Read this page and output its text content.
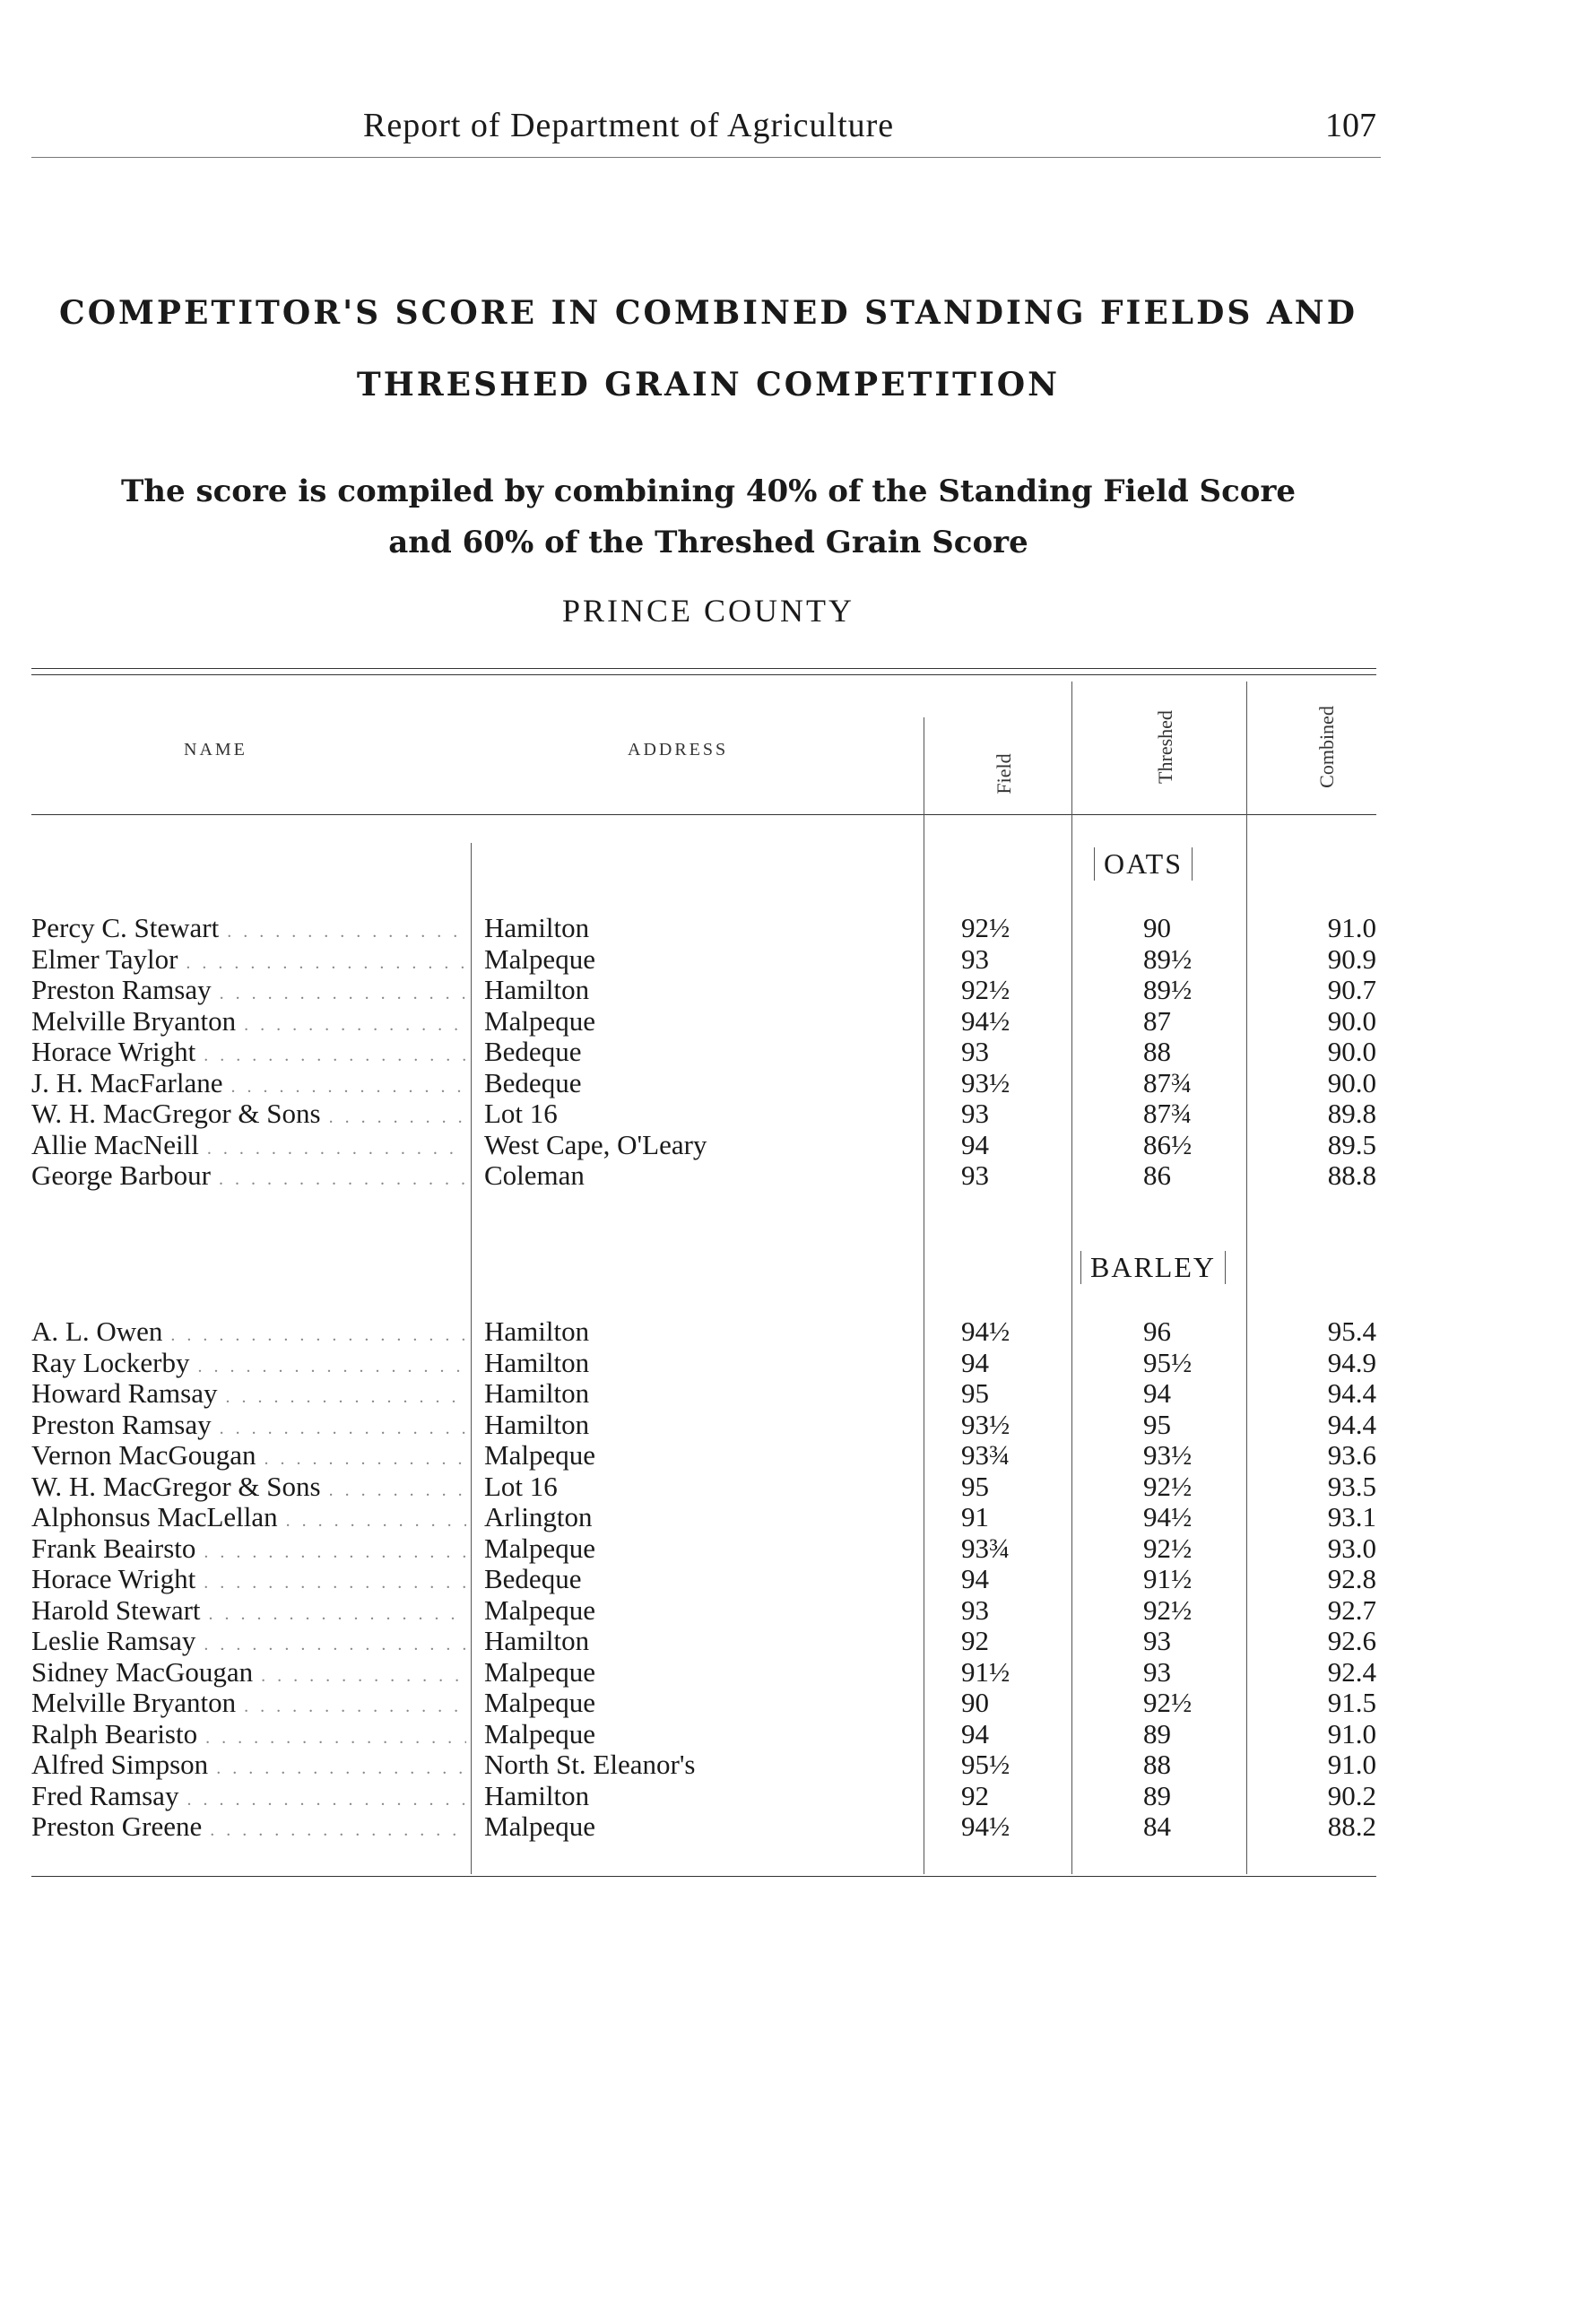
Report of Department of Agriculture	107
COMPETITOR'S SCORE IN COMBINED STANDING FIELDS AND
THRESHED GRAIN COMPETITION
The score is compiled by combining 40% of the Standing Field Score
and 60% of the Threshed Grain Score
PRINCE COUNTY
NAME	ADDRESS
Field	Threshed	Combined
OATS
BARLEY
Percy C. Stewart . . .	Hamilton	92½	90	91.0
Elmer Taylor . . .	Malpeque	93	89½	90.9
Preston Ramsay . . .	Hamilton	92½	89½	90.7
Melville Bryanton . . .	Malpeque	94½	87	90.0
Horace Wright . . .	Bedeque	93	88	90.0
J. H. MacFarlane . . .	Bedeque	93½	87¾	90.0
W. H. MacGregor & Sons . . .	Lot 16	93	87¾	89.8
Allie MacNeill . . .	West Cape, O'Leary	94	86½	89.5
George Barbour . . .	Coleman	93	86	88.8
A. L. Owen . . .	Hamilton	94½	96	95.4
Ray Lockerby . . .	Hamilton	94	95½	94.9
Howard Ramsay . . .	Hamilton	95	94	94.4
Preston Ramsay . . .	Hamilton	93½	95	94.4
Vernon MacGougan . . .	Malpeque	93¾	93½	93.6
W. H. MacGregor & Sons . . .	Lot 16	95	92½	93.5
Alphonsus MacLellan . . .	Arlington	91	94½	93.1
Frank Beairsto . . .	Malpeque	93¾	92½	93.0
Horace Wright . . .	Bedeque	94	91½	92.8
Harold Stewart . . .	Malpeque	93	92½	92.7
Leslie Ramsay . . .	Hamilton	92	93	92.6
Sidney MacGougan . . .	Malpeque	91½	93	92.4
Melville Bryanton . . .	Malpeque	90	92½	91.5
Ralph Bearisto . . .	Malpeque	94	89	91.0
Alfred Simpson . . .	North St. Eleanor's	95½	88	91.0
Fred Ramsay . . .	Hamilton	92	89	90.2
Preston Greene . . .	Malpeque	94½	84	88.2
